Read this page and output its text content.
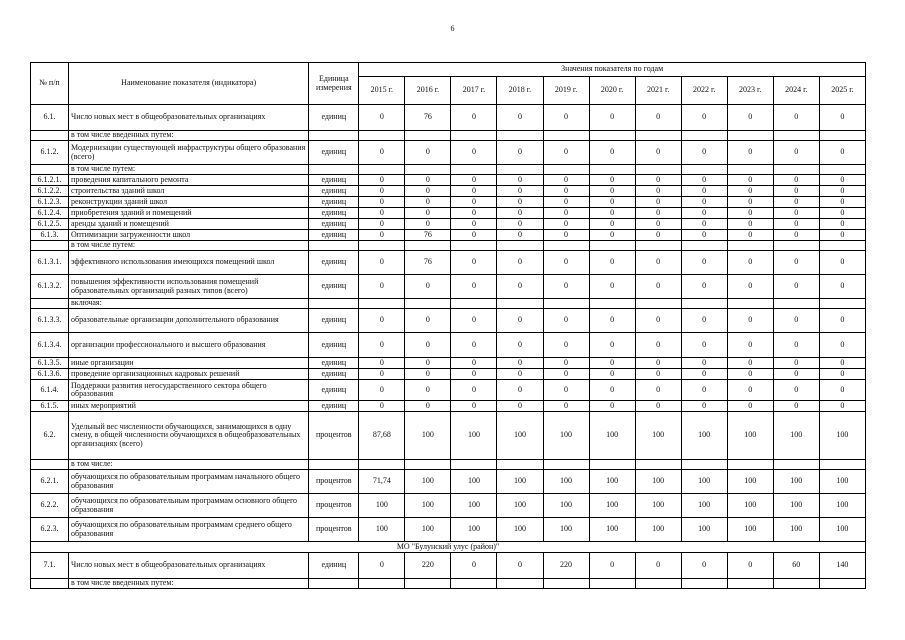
6
№ п/п	Наименование показателя (индикатора)	Единица измерения	Значения показателя по годам										
			2015 г.	2016 г.	2017 г.	2018 г.	2019 г.	2020 г.	2021 г.	2022 г.	2023 г.	2024 г.	2025 г.
6.1.	Число новых мест в общеобразовательных организациях	единиц	0	76	0	0	0	0	0	0	0	0	0
	в том числе введенных путем:												
6.1.2.	Модернизации существующей инфраструктуры общего образования (всего)	единиц	0	0	0	0	0	0	0	0	0	0	0
	в том числе путем:												
6.1.2.1.	проведения капитального ремонта	единиц	0	0	0	0	0	0	0	0	0	0	0
6.1.2.2.	строительства зданий школ	единиц	0	0	0	0	0	0	0	0	0	0	0
6.1.2.3.	реконструкции зданий школ	единиц	0	0	0	0	0	0	0	0	0	0	0
6.1.2.4.	приобретения зданий и помещений	единиц	0	0	0	0	0	0	0	0	0	0	0
6.1.2.5.	аренды зданий и помещений	единиц	0	0	0	0	0	0	0	0	0	0	0
6.1.3.	Оптимизации загруженности школ	единиц	0	76	0	0	0	0	0	0	0	0	0
	в том числе путем:												
6.1.3.1.	эффективного использования имеющихся помещений школ	единиц	0	76	0	0	0	0	0	0	0	0	0
6.1.3.2.	повышения эффективности использования помещений образовательных организаций разных типов (всего)	единиц	0	0	0	0	0	0	0	0	0	0	0
	включая:												
6.1.3.3.	образовательные организации дополнительного образования	единиц	0	0	0	0	0	0	0	0	0	0	0
6.1.3.4.	организации профессионального и высшего образования	единиц	0	0	0	0	0	0	0	0	0	0	0
6.1.3.5.	иные организации	единиц	0	0	0	0	0	0	0	0	0	0	0
6.1.3.6.	проведение организационных кадровых решений	единиц	0	0	0	0	0	0	0	0	0	0	0
6.1.4.	Поддержки развития негосударственного сектора общего образования	единиц	0	0	0	0	0	0	0	0	0	0	0
6.1.5.	иных мероприятий	единиц	0	0	0	0	0	0	0	0	0	0	0
6.2.	Удельный вес численности обучающихся, занимающихся в одну смену, в общей численности обучающихся в общеобразовательных организациях (всего)	процентов	87,68	100	100	100	100	100	100	100	100	100	100
	в том числе:												
6.2.1.	обучающихся по образовательным программам начального общего образования	процентов	71,74	100	100	100	100	100	100	100	100	100	100
6.2.2.	обучающихся по образовательным программам основного общего образования	процентов	100	100	100	100	100	100	100	100	100	100	100
6.2.3.	обучающихся по образовательным программам среднего общего образования	процентов	100	100	100	100	100	100	100	100	100	100	100
МО "Булунский улус (район)"													
7.1.	Число новых мест в общеобразовательных организациях	единиц	0	220	0	0	220	0	0	0	0	60	140
	в том числе введенных путем:												
